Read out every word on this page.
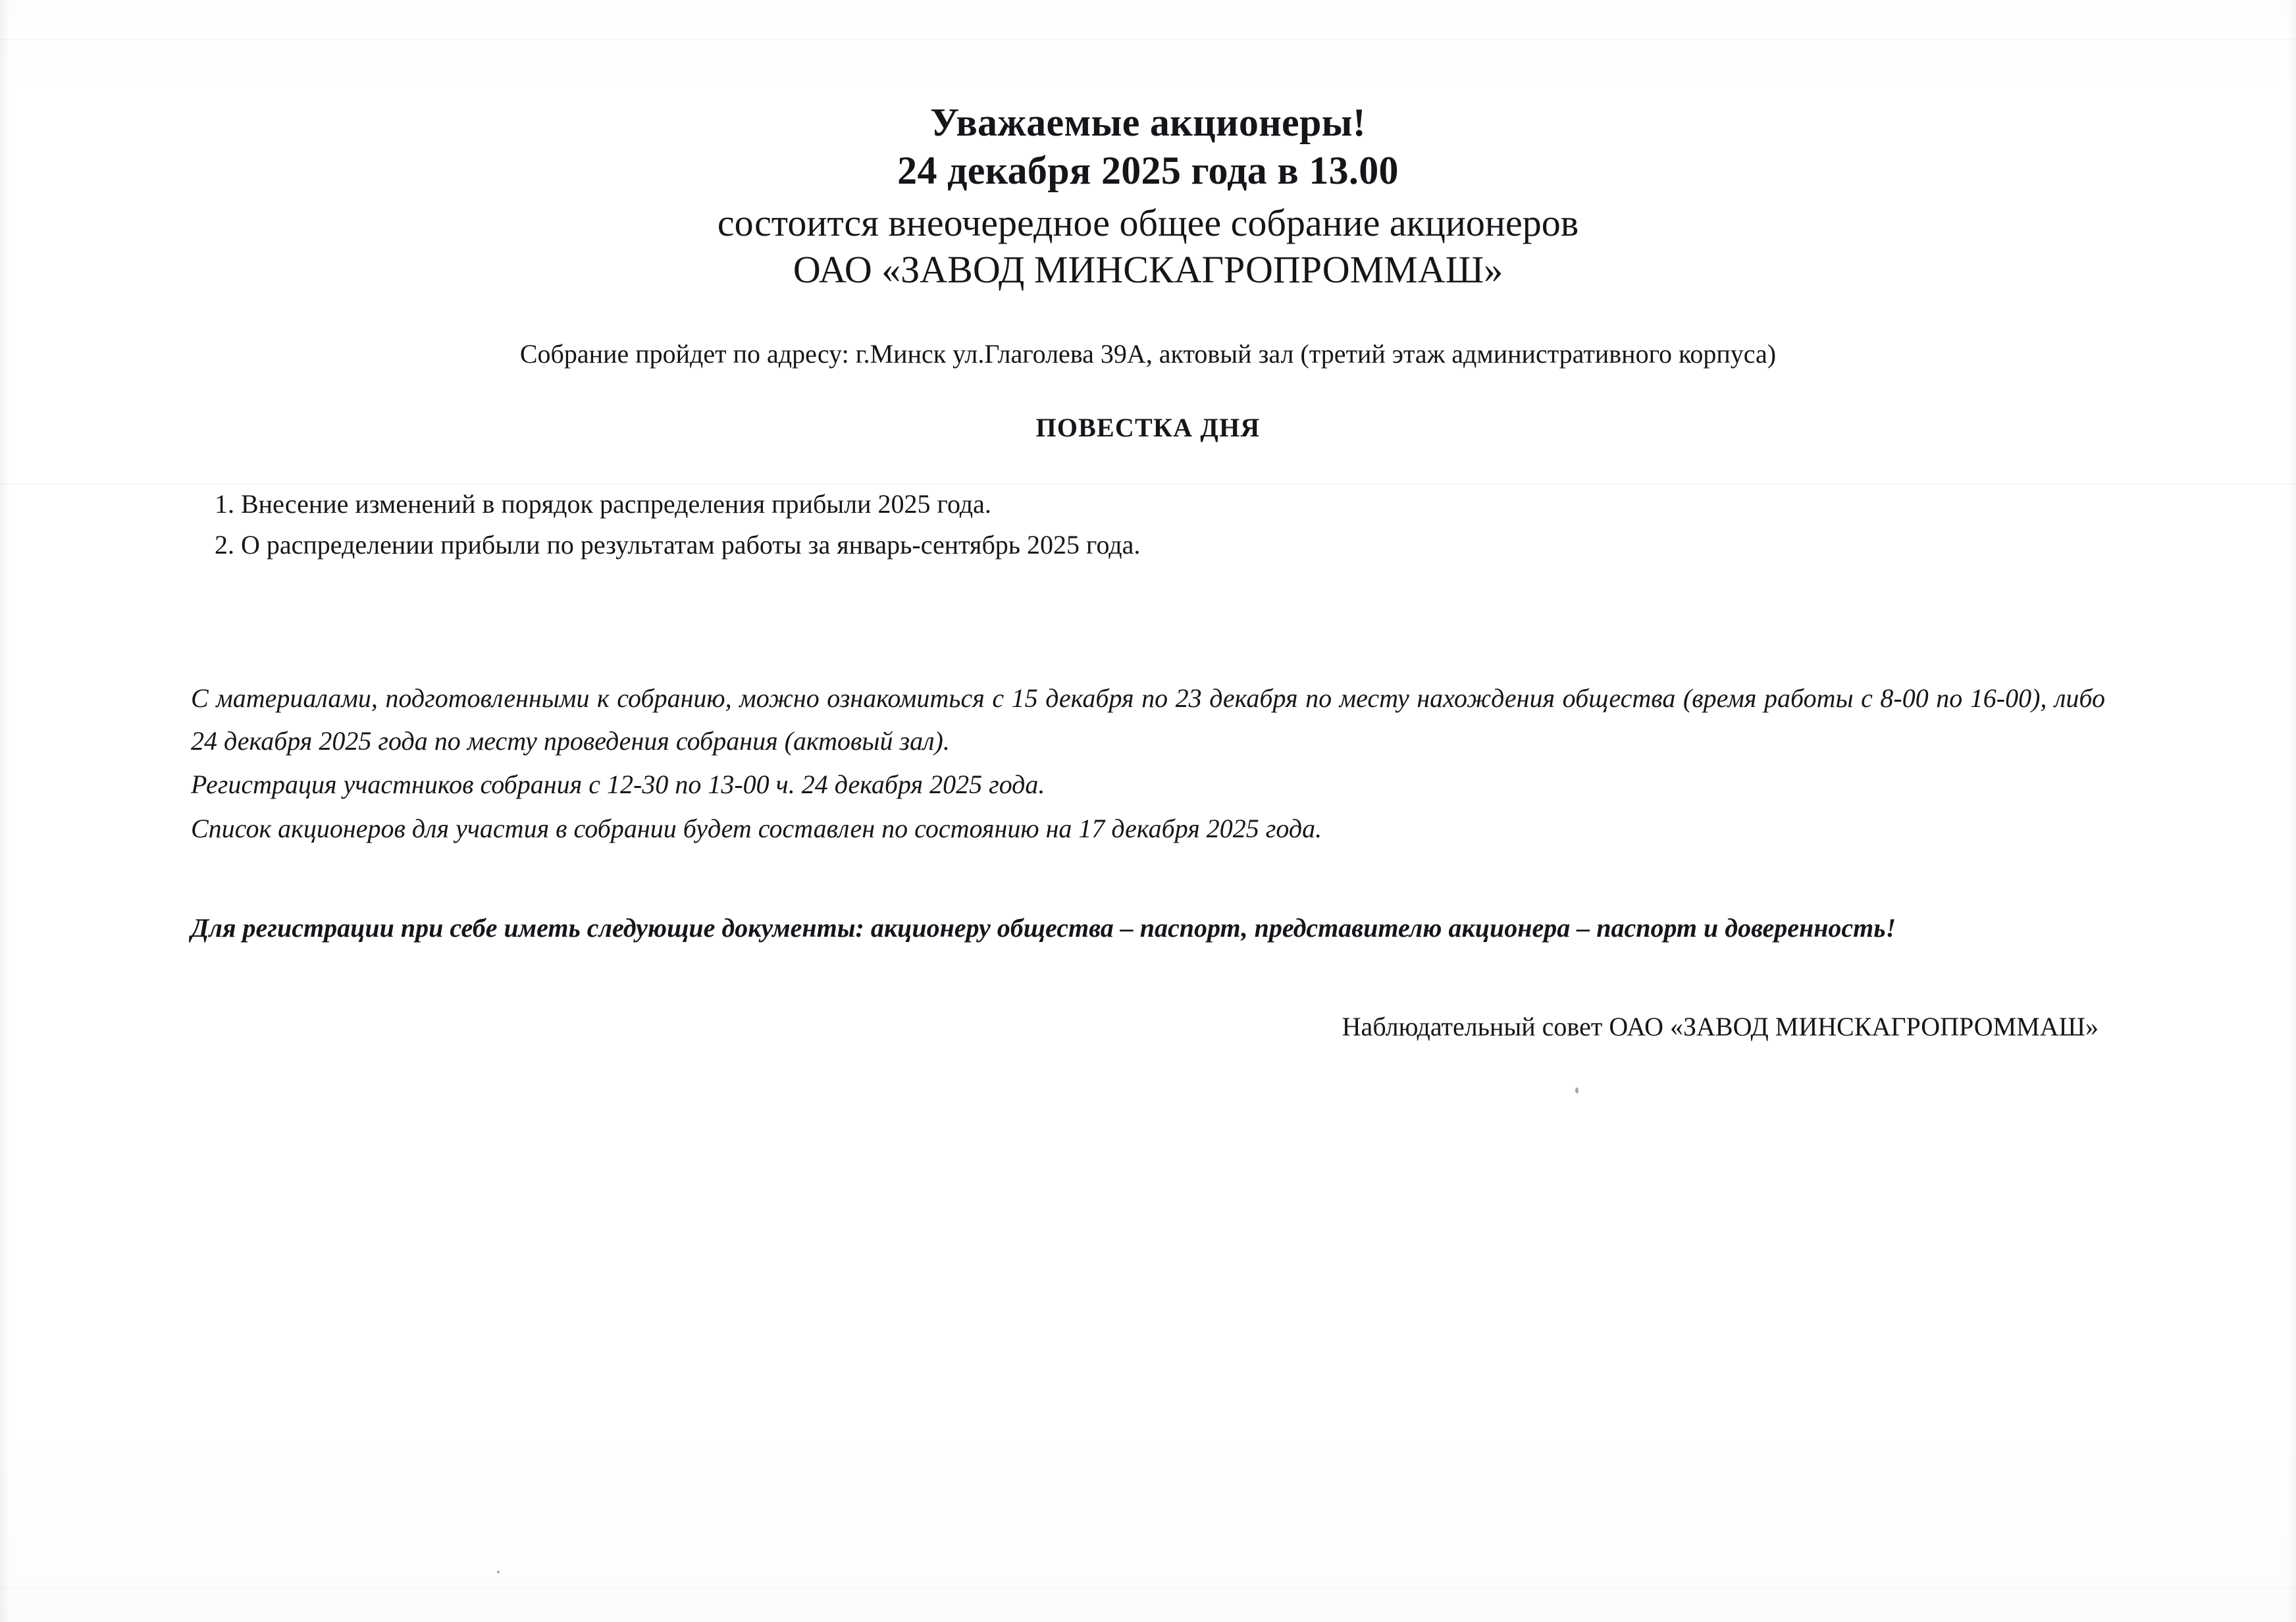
Уважаемые акционеры!
24 декабря 2025 года в 13.00
состоится внеочередное общее собрание акционеров
ОАО «ЗАВОД МИНСКАГРОПРОММАШ»
Собрание пройдет по адресу: г.Минск ул.Глаголева 39А, актовый зал (третий этаж административного корпуса)
ПОВЕСТКА ДНЯ
1. Внесение изменений в порядок распределения прибыли 2025 года.
2. О распределении прибыли по результатам работы за январь-сентябрь 2025 года.
С материалами, подготовленными к собранию, можно ознакомиться с 15 декабря по 23 декабря по месту нахождения общества (время работы с 8-00 по 16-00), либо 24 декабря 2025 года по месту проведения собрания (актовый зал).
Регистрация участников собрания с 12-30 по 13-00 ч. 24 декабря 2025 года.
Список акционеров для участия в собрании будет составлен по состоянию на 17 декабря 2025 года.
Для регистрации при себе иметь следующие документы: акционеру общества – паспорт, представителю акционера – паспорт и доверенность!
Наблюдательный совет ОАО «ЗАВОД МИНСКАГРОПРОММАШ»
